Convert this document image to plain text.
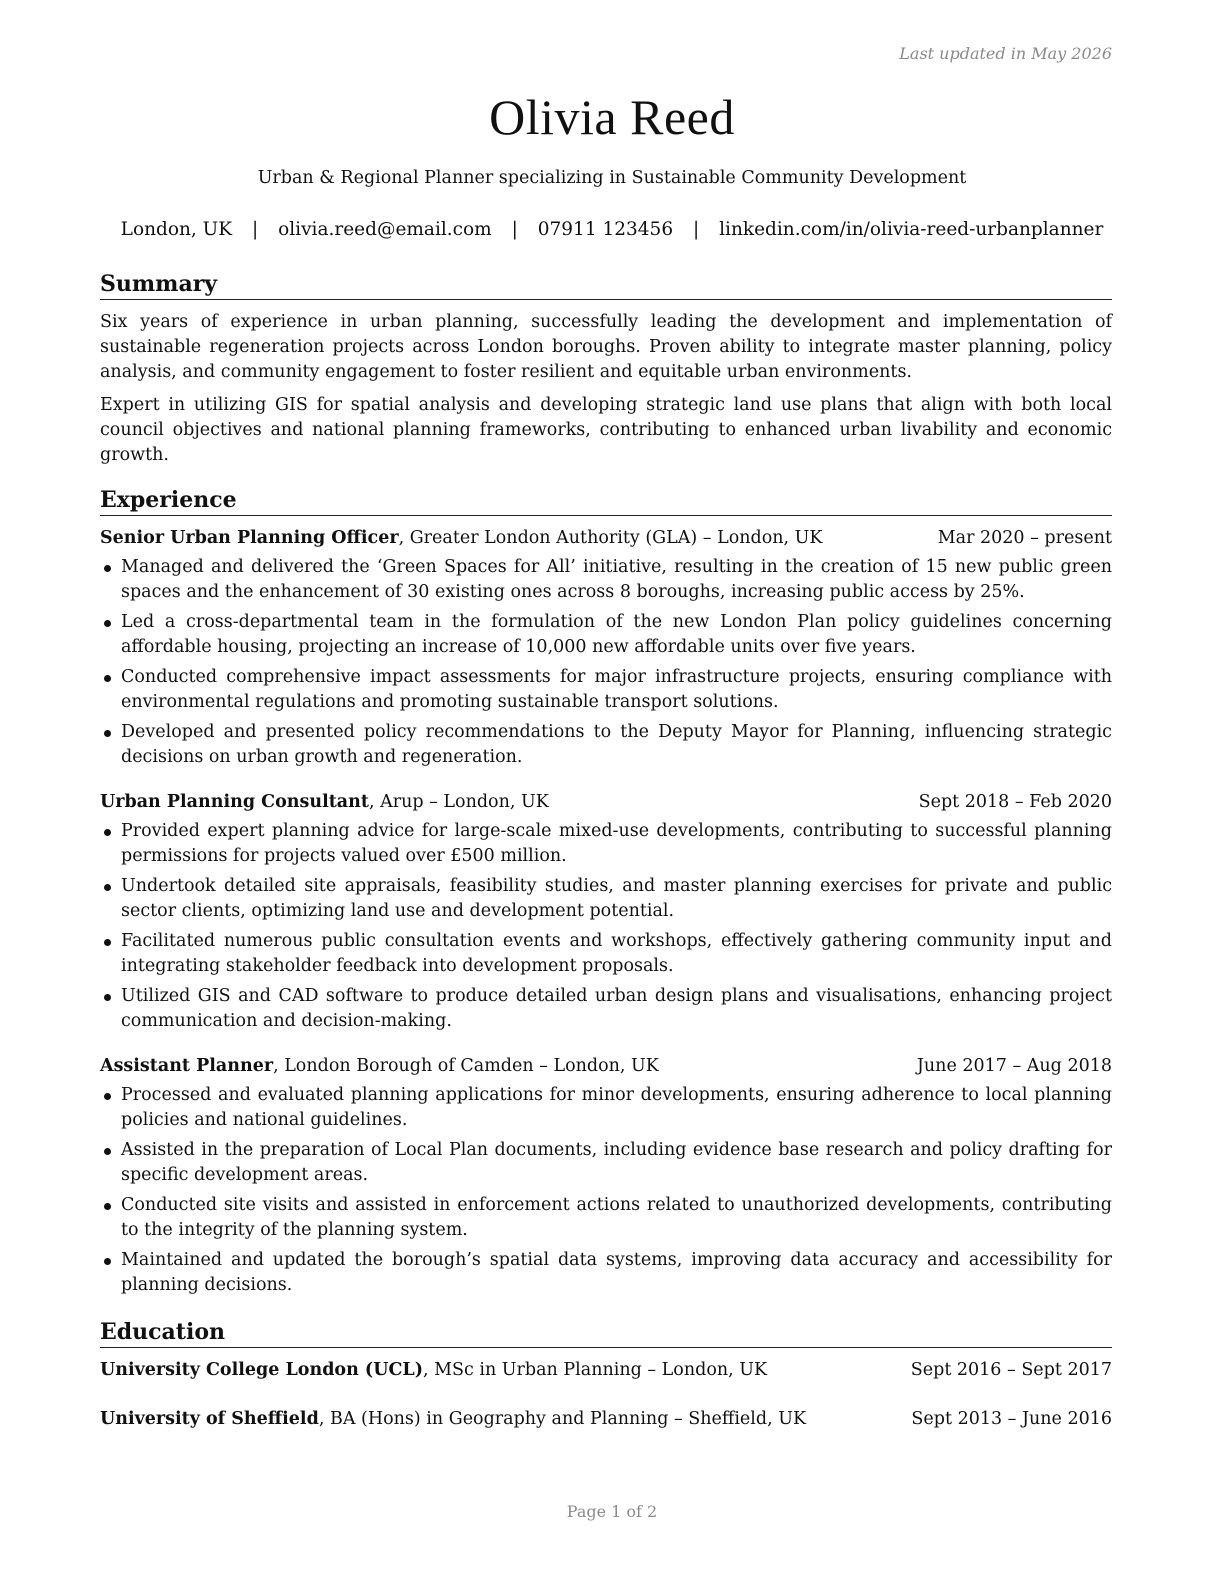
Last updated in May 2026
Olivia Reed
Urban & Regional Planner specializing in Sustainable Community Development
London, UK | olivia.reed@email.com | 07911 123456 | linkedin.com/in/olivia-reed-urbanplanner
Summary

Six years of experience in urban planning, successfully leading the development and implementation of sustainable regeneration projects across London boroughs. Proven ability to integrate master planning, policy analysis, and community engagement to foster resilient and equitable urban environments.

Expert in utilizing GIS for spatial analysis and developing strategic land use plans that align with both local council objectives and national planning frameworks, contributing to enhanced urban livability and economic growth.

Experience
Senior Urban Planning Officer, Greater London Authority (GLA) – London, UK	Mar 2020 – present
Managed and delivered the ‘Green Spaces for All’ initiative, resulting in the creation of 15 new public green spaces and the enhancement of 30 existing ones across 8 boroughs, increasing public access by 25%.
Led a cross-departmental team in the formulation of the new London Plan policy guidelines concerning affordable housing, projecting an increase of 10,000 new affordable units over five years.
Conducted comprehensive impact assessments for major infrastructure projects, ensuring compliance with environmental regulations and promoting sustainable transport solutions.
Developed and presented policy recommendations to the Deputy Mayor for Planning, influencing strategic decisions on urban growth and regeneration.
Urban Planning Consultant, Arup – London, UK	Sept 2018 – Feb 2020
Provided expert planning advice for large-scale mixed-use developments, contributing to successful planning permissions for projects valued over £500 million.
Undertook detailed site appraisals, feasibility studies, and master planning exercises for private and public sector clients, optimizing land use and development potential.
Facilitated numerous public consultation events and workshops, effectively gathering community input and integrating stakeholder feedback into development proposals.
Utilized GIS and CAD software to produce detailed urban design plans and visualisations, enhancing project communication and decision-making.
Assistant Planner, London Borough of Camden – London, UK	June 2017 – Aug 2018
Processed and evaluated planning applications for minor developments, ensuring adherence to local planning policies and national guidelines.
Assisted in the preparation of Local Plan documents, including evidence base research and policy drafting for specific development areas.
Conducted site visits and assisted in enforcement actions related to unauthorized developments, contributing to the integrity of the planning system.
Maintained and updated the borough’s spatial data systems, improving data accuracy and accessibility for planning decisions.
Education
University College London (UCL), MSc in Urban Planning – London, UK	Sept 2016 – Sept 2017
University of Sheffield, BA (Hons) in Geography and Planning – Sheffield, UK	Sept 2013 – June 2016
Page 1 of 2
